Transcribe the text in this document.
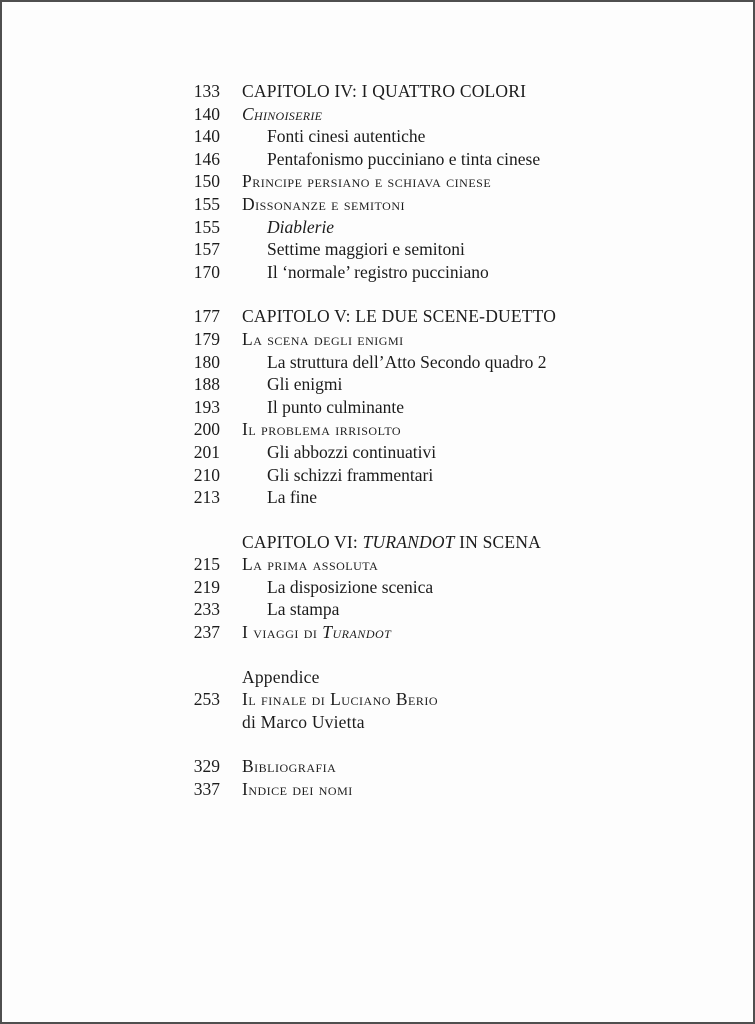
133 CAPITOLO IV: I QUATTRO COLORI
140 Chinoiserie
140	Fonti cinesi autentiche
146	Pentafonismo pucciniano e tinta cinese
150 Principe persiano e schiava cinese
155 Dissonanze e semitoni
155	Diablerie
157	Settime maggiori e semitoni
170	Il ‘normale’ registro pucciniano
177 CAPITOLO V: LE DUE SCENE-DUETTO
179 La scena degli enigmi
180	La struttura dell’Atto Secondo quadro 2
188	Gli enigmi
193	Il punto culminante
200 Il problema irrisolto
201	Gli abbozzi continuativi
210	Gli schizzi frammentari
213	La fine
CAPITOLO VI: TURANDOT IN SCENA
215 La prima assoluta
219	La disposizione scenica
233	La stampa
237 I viaggi di Turandot
Appendice
253 Il finale di Luciano Berio
di Marco Uvietta
329 Bibliografia
337 Indice dei nomi
